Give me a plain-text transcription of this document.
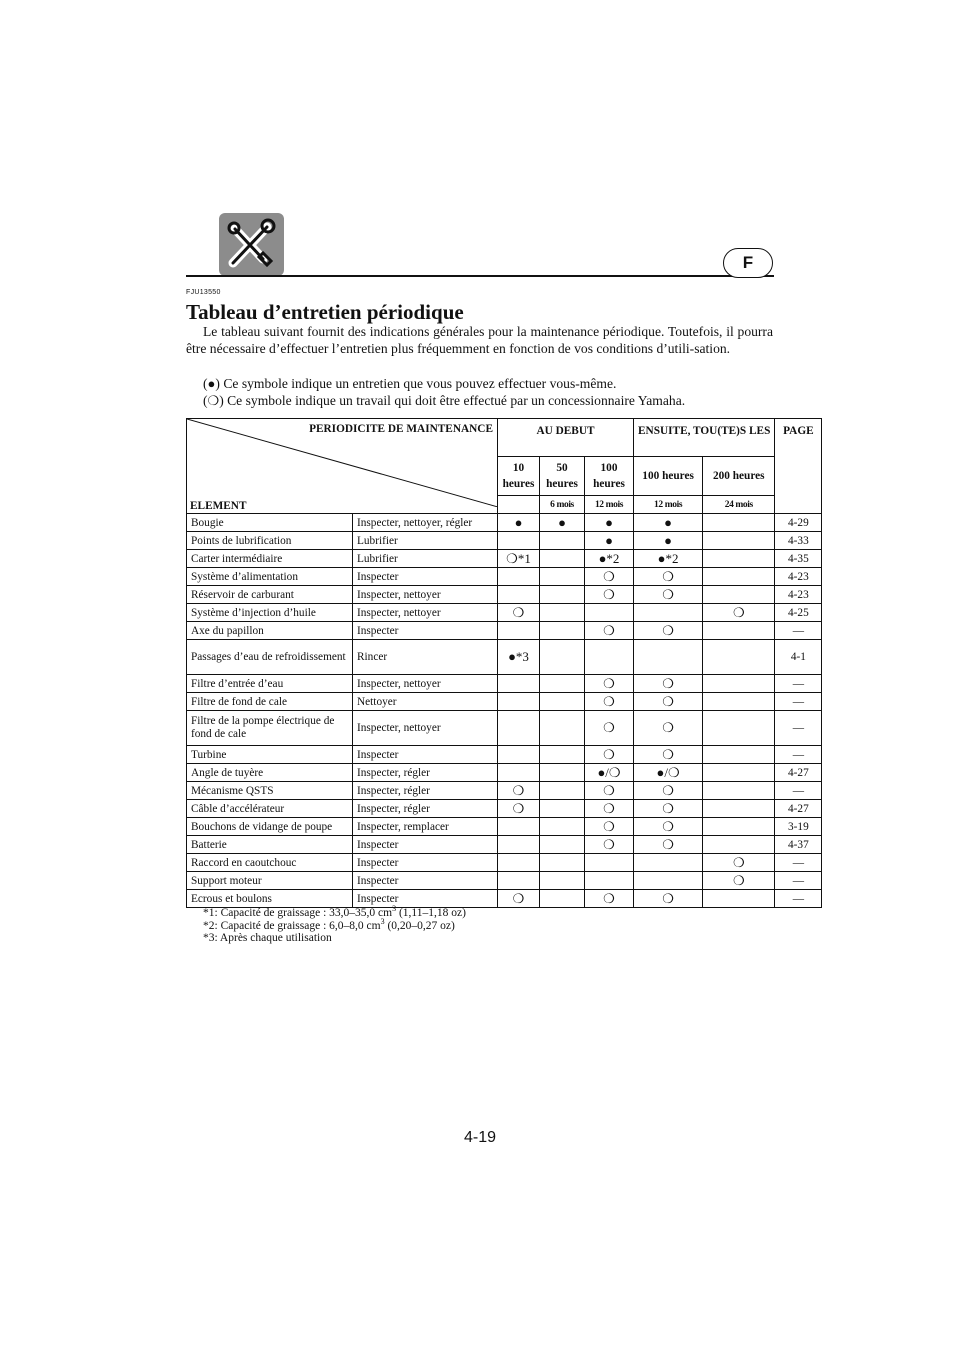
F
FJU13550
Tableau d’entretien périodique

Le tableau suivant fournit des indications générales pour la maintenance périodique. Toutefois, il pourra être nécessaire d’effectuer l’entretien plus fréquemment en fonction de vos conditions d’utili-sation.

(●) Ce symbole indique un entretien que vous pouvez effectuer vous-même.

(❍) Ce symbole indique un travail qui doit être effectué par un concessionnaire Yamaha.

PERIODICITE DE MAINTENANCE
ELEMENT		AU DEBUT			ENSUITE, TOU(TE)S LES		PAGE
		10 heures	50 heures	100 heures	100 heures	200 heures	
			6 mois	12 mois	12 mois	24 mois	
Bougie	Inspecter, nettoyer, régler	●	●	●	●		4-29
Points de lubrification	Lubrifier			●	●		4-33
Carter intermédiaire	Lubrifier	❍*1		●*2	●*2		4-35
Système d’alimentation	Inspecter			❍	❍		4-23
Réservoir de carburant	Inspecter, nettoyer			❍	❍		4-23
Système d’injection d’huile	Inspecter, nettoyer	❍				❍	4-25
Axe du papillon	Inspecter			❍	❍		—
Passages d’eau de refroidissement	Rincer	●*3					4-1
Filtre d’entrée d’eau	Inspecter, nettoyer			❍	❍		—
Filtre de fond de cale	Nettoyer			❍	❍		—
Filtre de la pompe électrique de fond de cale	Inspecter, nettoyer			❍	❍		—
Turbine	Inspecter			❍	❍		—
Angle de tuyère	Inspecter, régler			●/❍	●/❍		4-27
Mécanisme QSTS	Inspecter, régler	❍		❍	❍		—
Câble d’accélérateur	Inspecter, régler	❍		❍	❍		4-27
Bouchons de vidange de poupe	Inspecter, remplacer			❍	❍		3-19
Batterie	Inspecter			❍	❍		4-37
Raccord en caoutchouc	Inspecter					❍	—
Support moteur	Inspecter					❍	—
Ecrous et boulons	Inspecter	❍		❍	❍		—
*1: Capacité de graissage : 33,0–35,0 $cm^3$ (1,11–1,18 oz)
*2: Capacité de graissage : 6,0–8,0 $cm^3$ (0,20–0,27 oz)
*3: Après chaque utilisation
4-19
